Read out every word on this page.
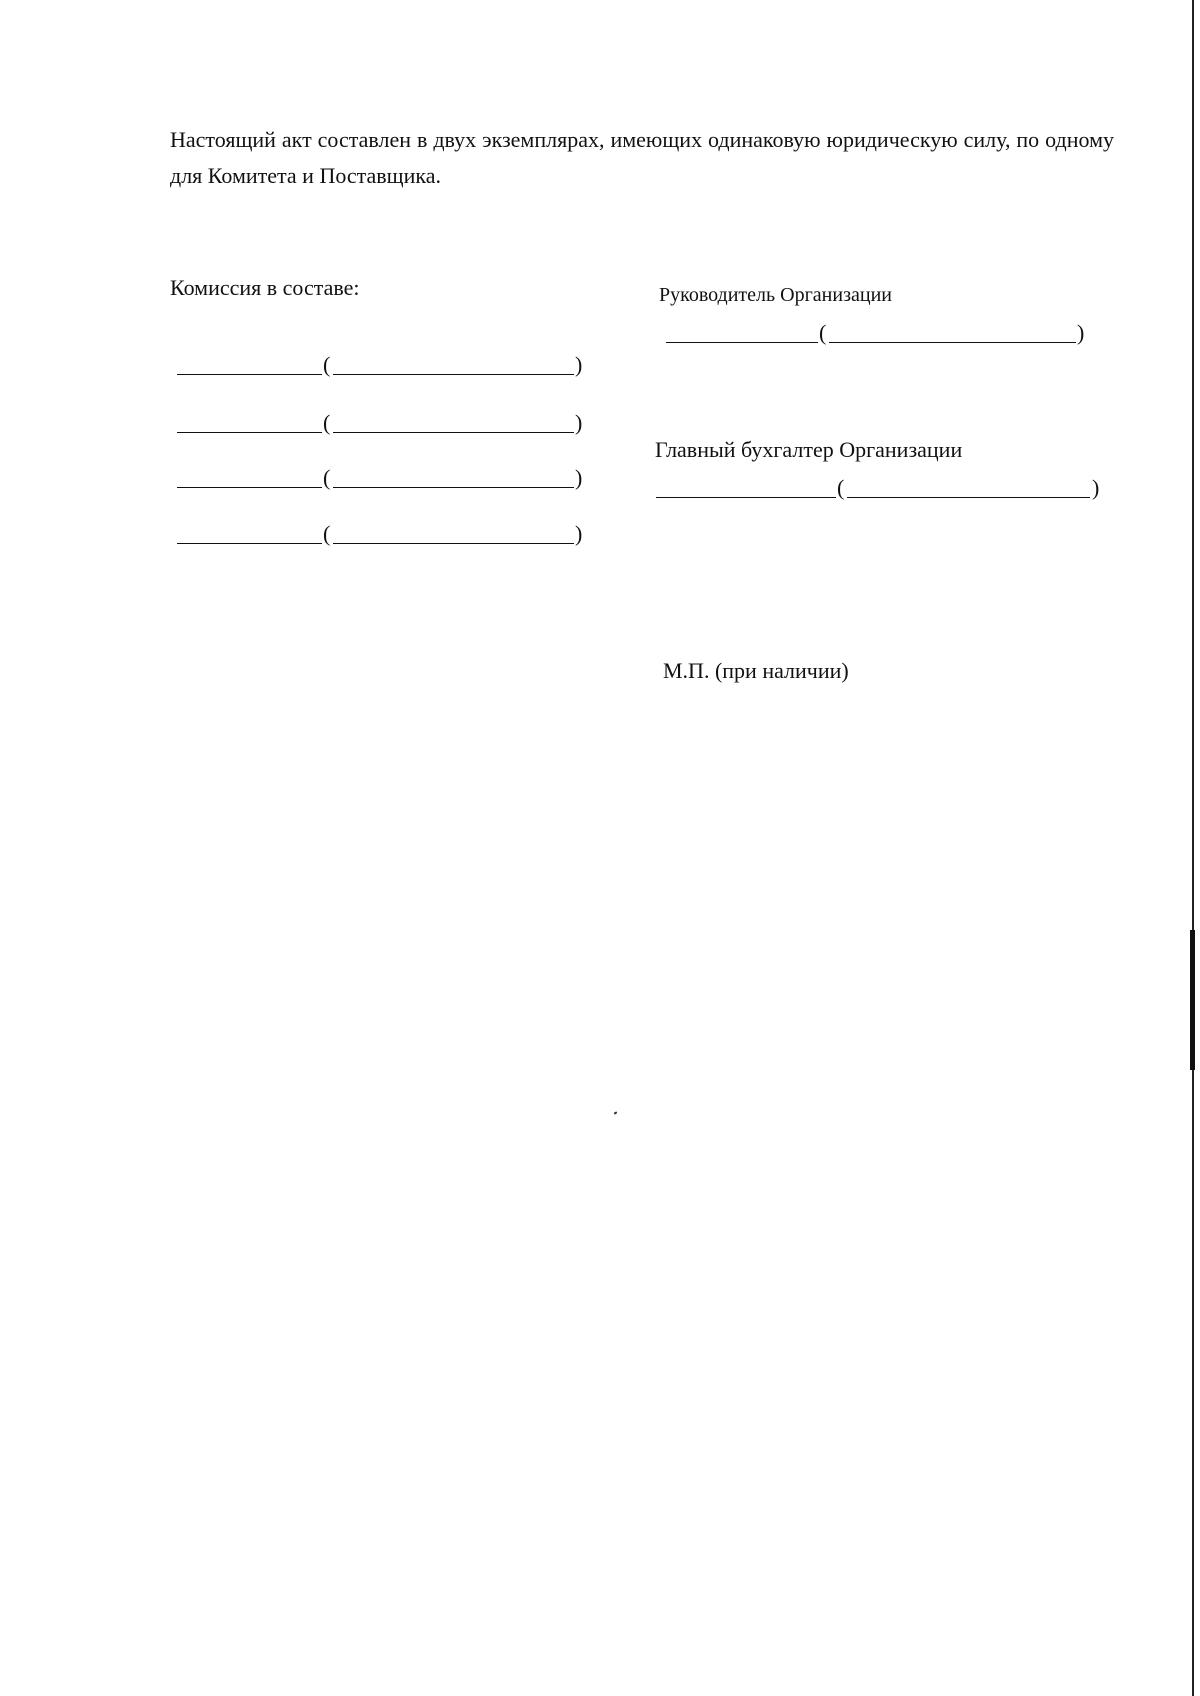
Настоящий акт составлен в двух экземплярах, имеющих одинаковую юридическую силу, по одному для Комитета и Поставщика.

Комиссия в составе:

(	)
(	)
(	)
(	)

Руководитель Организации

(	)

Главный бухгалтер Организации

(	)

М.П. (при наличии)
